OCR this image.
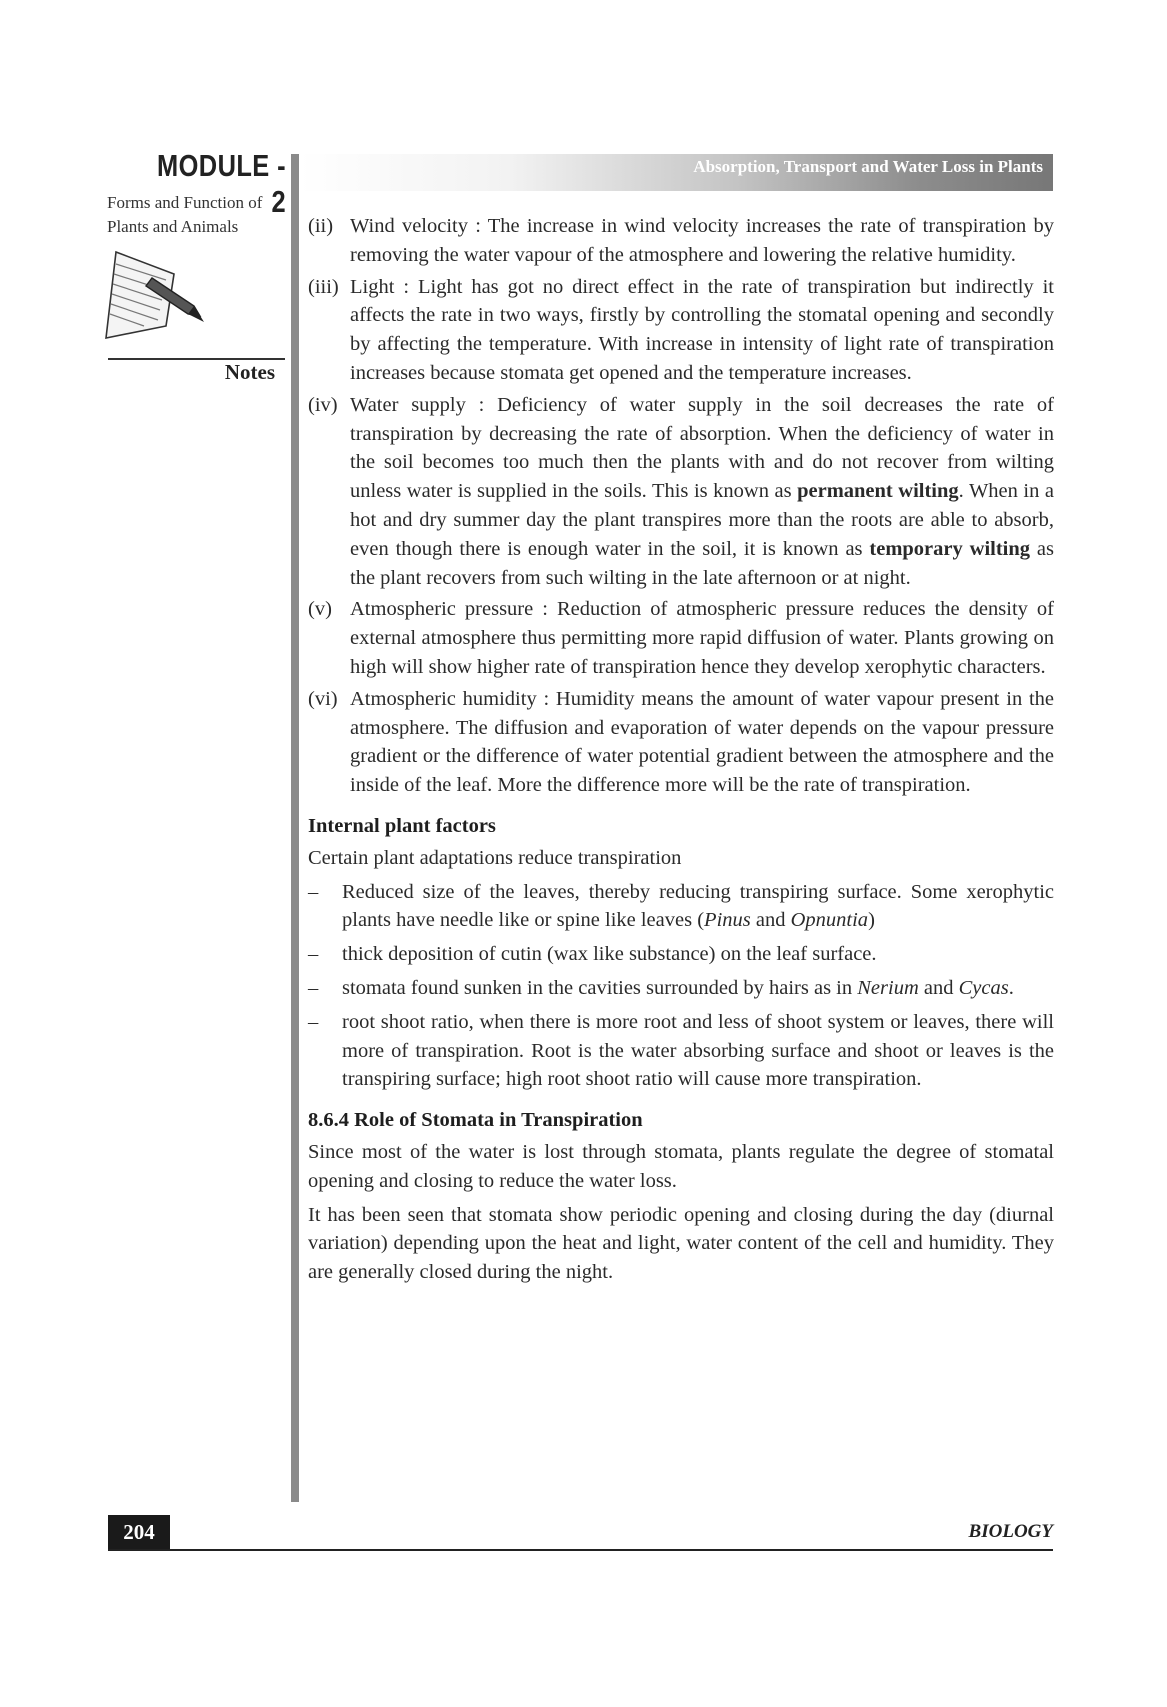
MODULE - 2
Forms and Function of Plants and Animals
Notes
Absorption, Transport and Water Loss in Plants
(ii) Wind velocity : The increase in wind velocity increases the rate of transpiration by removing the water vapour of the atmosphere and lowering the relative humidity.
(iii) Light : Light has got no direct effect in the rate of transpiration but indirectly it affects the rate in two ways, firstly by controlling the stomatal opening and secondly by affecting the temperature. With increase in intensity of light rate of transpiration increases because stomata get opened and the temperature increases.
(iv) Water supply : Deficiency of water supply in the soil decreases the rate of transpiration by decreasing the rate of absorption. When the deficiency of water in the soil becomes too much then the plants with and do not recover from wilting unless water is supplied in the soils. This is known as permanent wilting. When in a hot and dry summer day the plant transpires more than the roots are able to absorb, even though there is enough water in the soil, it is known as temporary wilting as the plant recovers from such wilting in the late afternoon or at night.
(v) Atmospheric pressure : Reduction of atmospheric pressure reduces the density of external atmosphere thus permitting more rapid diffusion of water. Plants growing on high will show higher rate of transpiration hence they develop xerophytic characters.
(vi) Atmospheric humidity : Humidity means the amount of water vapour present in the atmosphere. The diffusion and evaporation of water depends on the vapour pressure gradient or the difference of water potential gradient between the atmosphere and the inside of the leaf. More the difference more will be the rate of transpiration.
Internal plant factors
Certain plant adaptations reduce transpiration
– Reduced size of the leaves, thereby reducing transpiring surface. Some xerophytic plants have needle like or spine like leaves (Pinus and Opnuntia)
– thick deposition of cutin (wax like substance) on the leaf surface.
– stomata found sunken in the cavities surrounded by hairs as in Nerium and Cycas.
– root shoot ratio, when there is more root and less of shoot system or leaves, there will more of transpiration. Root is the water absorbing surface and shoot or leaves is the transpiring surface; high root shoot ratio will cause more transpiration.
8.6.4 Role of Stomata in Transpiration
Since most of the water is lost through stomata, plants regulate the degree of stomatal opening and closing to reduce the water loss.
It has been seen that stomata show periodic opening and closing during the day (diurnal variation) depending upon the heat and light, water content of the cell and humidity. They are generally closed during the night.
204	BIOLOGY
